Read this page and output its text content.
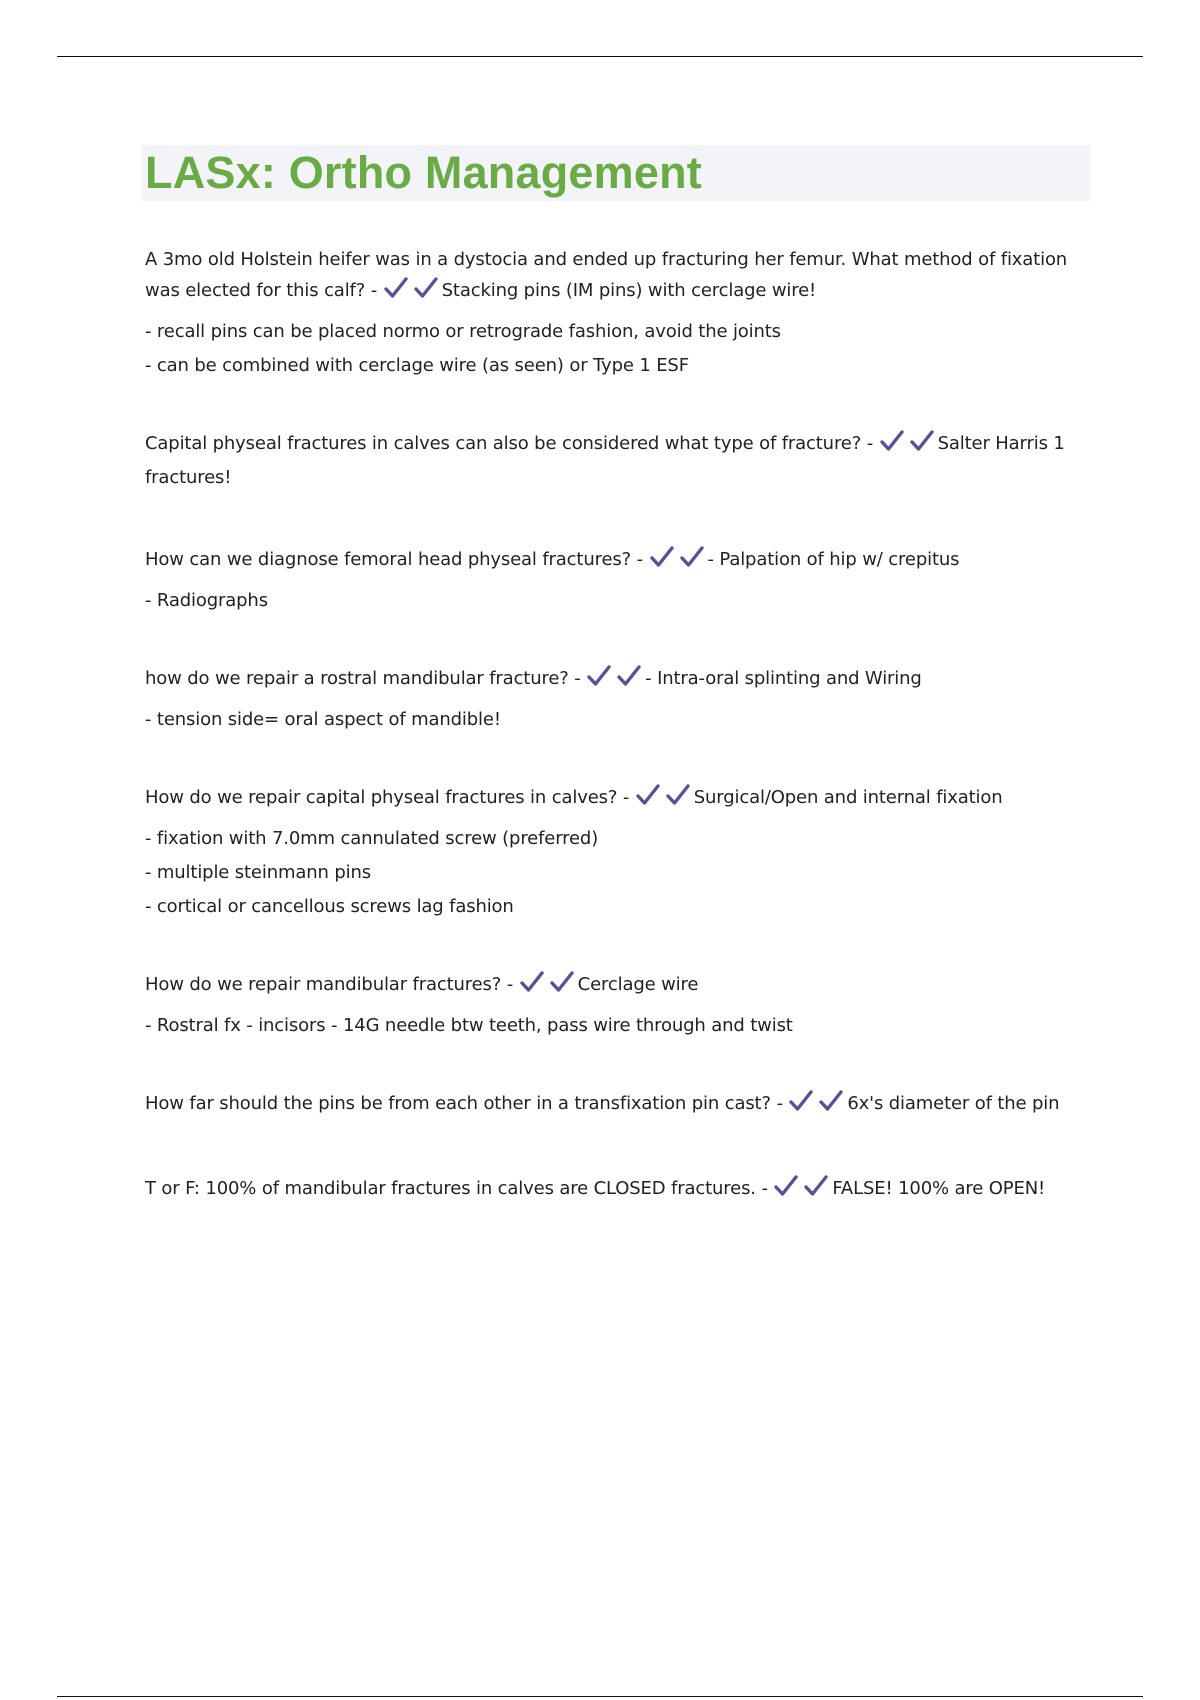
LASx: Ortho Management

A 3mo old Holstein heifer was in a dystocia and ended up fracturing her femur. What method of fixation was elected for this calf? -	Stacking pins (IM pins) with cerclage wire!

- recall pins can be placed normo or retrograde fashion, avoid the joints

- can be combined with cerclage wire (as seen) or Type 1 ESF

Capital physeal fractures in calves can also be considered what type of fracture? -	Salter Harris 1 fractures!

How can we diagnose femoral head physeal fractures? -	- Palpation of hip w/ crepitus

- Radiographs

how do we repair a rostral mandibular fracture? -	- Intra-oral splinting and Wiring

- tension side= oral aspect of mandible!

How do we repair capital physeal fractures in calves? -	Surgical/Open and internal fixation

- fixation with 7.0mm cannulated screw (preferred)

- multiple steinmann pins

- cortical or cancellous screws lag fashion

How do we repair mandibular fractures? -	Cerclage wire

- Rostral fx - incisors - 14G needle btw teeth, pass wire through and twist

How far should the pins be from each other in a transfixation pin cast? -	6x's diameter of the pin

T or F: 100% of mandibular fractures in calves are CLOSED fractures. -	FALSE! 100% are OPEN!
